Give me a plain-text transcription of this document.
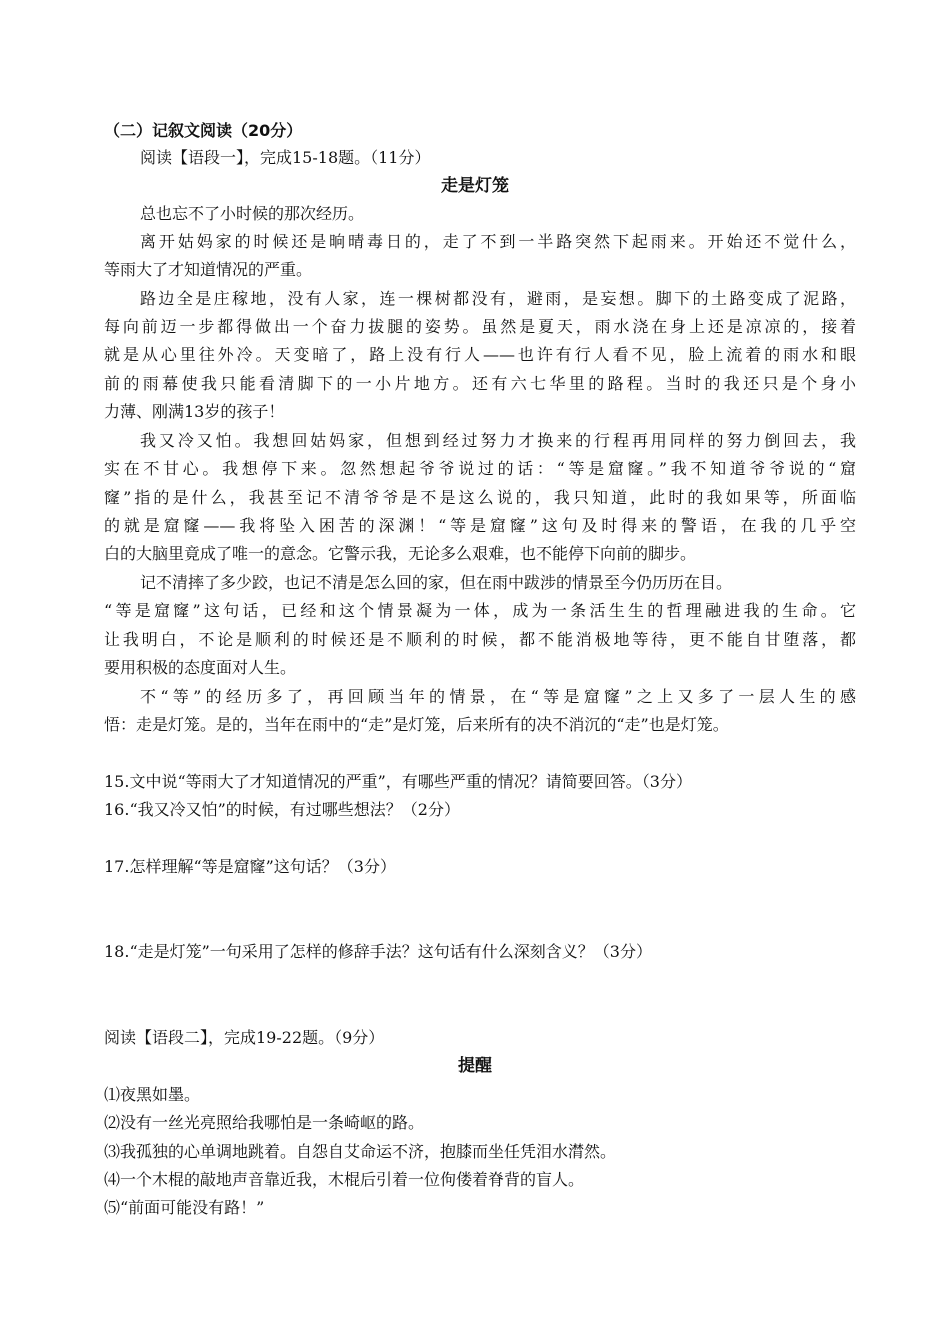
（二）记叙文阅读（20分）
阅读【语段一】，完成15-18题。（11分）
走是灯笼
总也忘不了小时候的那次经历。
离开姑妈家的时候还是晌晴毒日的，走了不到一半路突然下起雨来。开始还不觉什么，
等雨大了才知道情况的严重。
路边全是庄稼地，没有人家，连一棵树都没有，避雨，是妄想。脚下的土路变成了泥路，
每向前迈一步都得做出一个奋力拔腿的姿势。虽然是夏天，雨水浇在身上还是凉凉的，接着
就是从心里往外冷。天变暗了，路上没有行人——也许有行人看不见，脸上流着的雨水和眼
前的雨幕使我只能看清脚下的一小片地方。还有六七华里的路程。当时的我还只是个身小
力薄、刚满13岁的孩子！
我又冷又怕。我想回姑妈家，但想到经过努力才换来的行程再用同样的努力倒回去，我
实在不甘心。我想停下来。忽然想起爷爷说过的话：“等是窟窿。”我不知道爷爷说的“窟
窿”指的是什么，我甚至记不清爷爷是不是这么说的，我只知道，此时的我如果等，所面临
的就是窟窿——我将坠入困苦的深渊！“等是窟窿”这句及时得来的警语，在我的几乎空
白的大脑里竟成了唯一的意念。它警示我，无论多么艰难，也不能停下向前的脚步。
记不清摔了多少跤，也记不清是怎么回的家，但在雨中跋涉的情景至今仍历历在目。
“等是窟窿”这句话，已经和这个情景凝为一体，成为一条活生生的哲理融进我的生命。它
让我明白，不论是顺利的时候还是不顺利的时候，都不能消极地等待，更不能自甘堕落，都
要用积极的态度面对人生。
不“等”的经历多了，再回顾当年的情景，在“等是窟窿”之上又多了一层人生的感
悟：走是灯笼。是的，当年在雨中的“走”是灯笼，后来所有的决不消沉的“走”也是灯笼。
15.文中说“等雨大了才知道情况的严重”，有哪些严重的情况？请简要回答。（3分）
16.“我又冷又怕”的时候，有过哪些想法？（2分）
17.怎样理解“等是窟窿”这句话？（3分）
18.“走是灯笼”一句采用了怎样的修辞手法？这句话有什么深刻含义？（3分）
阅读【语段二】，完成19-22题。（9分）
提醒
⑴夜黑如墨。
⑵没有一丝光亮照给我哪怕是一条崎岖的路。
⑶我孤独的心单调地跳着。自怨自艾命运不济，抱膝而坐任凭泪水潸然。
⑷一个木棍的敲地声音靠近我，木棍后引着一位佝偻着脊背的盲人。
⑸“前面可能没有路！”
